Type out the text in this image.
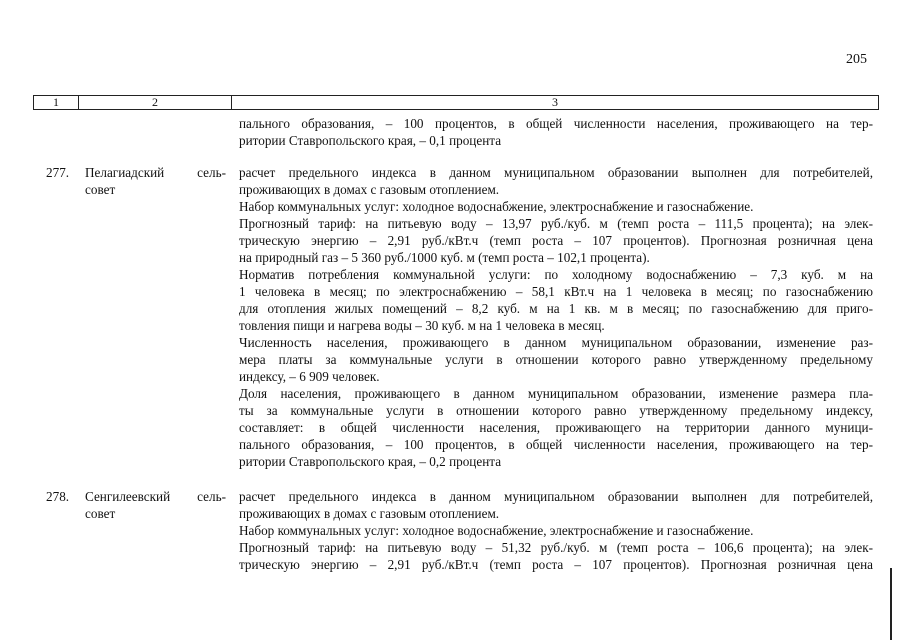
205
1	2	3
пального образования, – 100 процентов, в общей численности населения, проживающего на тер-
ритории Ставропольского края, – 0,1 процента
277. Пелагиадский сель-
совет
расчет предельного индекса в данном муниципальном образовании выполнен для потребителей,
проживающих в домах с газовым отоплением.
Набор коммунальных услуг: холодное водоснабжение, электроснабжение и газоснабжение.
Прогнозный тариф: на питьевую воду – 13,97 руб./куб. м (темп роста – 111,5 процента); на элек-
трическую энергию – 2,91 руб./кВт.ч (темп роста – 107 процентов). Прогнозная розничная цена
на природный газ – 5 360 руб./1000 куб. м (темп роста – 102,1 процента).
Норматив потребления коммунальной услуги: по холодному водоснабжению – 7,3 куб. м на
1 человека в месяц; по электроснабжению – 58,1 кВт.ч на 1 человека в месяц; по газоснабжению
для отопления жилых помещений – 8,2 куб. м на 1 кв. м в месяц; по газоснабжению для приго-
товления пищи и нагрева воды – 30 куб. м на 1 человека в месяц.
Численность населения, проживающего в данном муниципальном образовании, изменение раз-
мера платы за коммунальные услуги в отношении которого равно утвержденному предельному
индексу, – 6 909 человек.
Доля населения, проживающего в данном муниципальном образовании, изменение размера пла-
ты за коммунальные услуги в отношении которого равно утвержденному предельному индексу,
составляет: в общей численности населения, проживающего на территории данного муници-
пального образования, – 100 процентов, в общей численности населения, проживающего на тер-
ритории Ставропольского края, – 0,2 процента
278. Сенгилеевский сель-
совет
расчет предельного индекса в данном муниципальном образовании выполнен для потребителей,
проживающих в домах с газовым отоплением.
Набор коммунальных услуг: холодное водоснабжение, электроснабжение и газоснабжение.
Прогнозный тариф: на питьевую воду – 51,32 руб./куб. м (темп роста – 106,6 процента); на элек-
трическую энергию – 2,91 руб./кВт.ч (темп роста – 107 процентов). Прогнозная розничная цена
